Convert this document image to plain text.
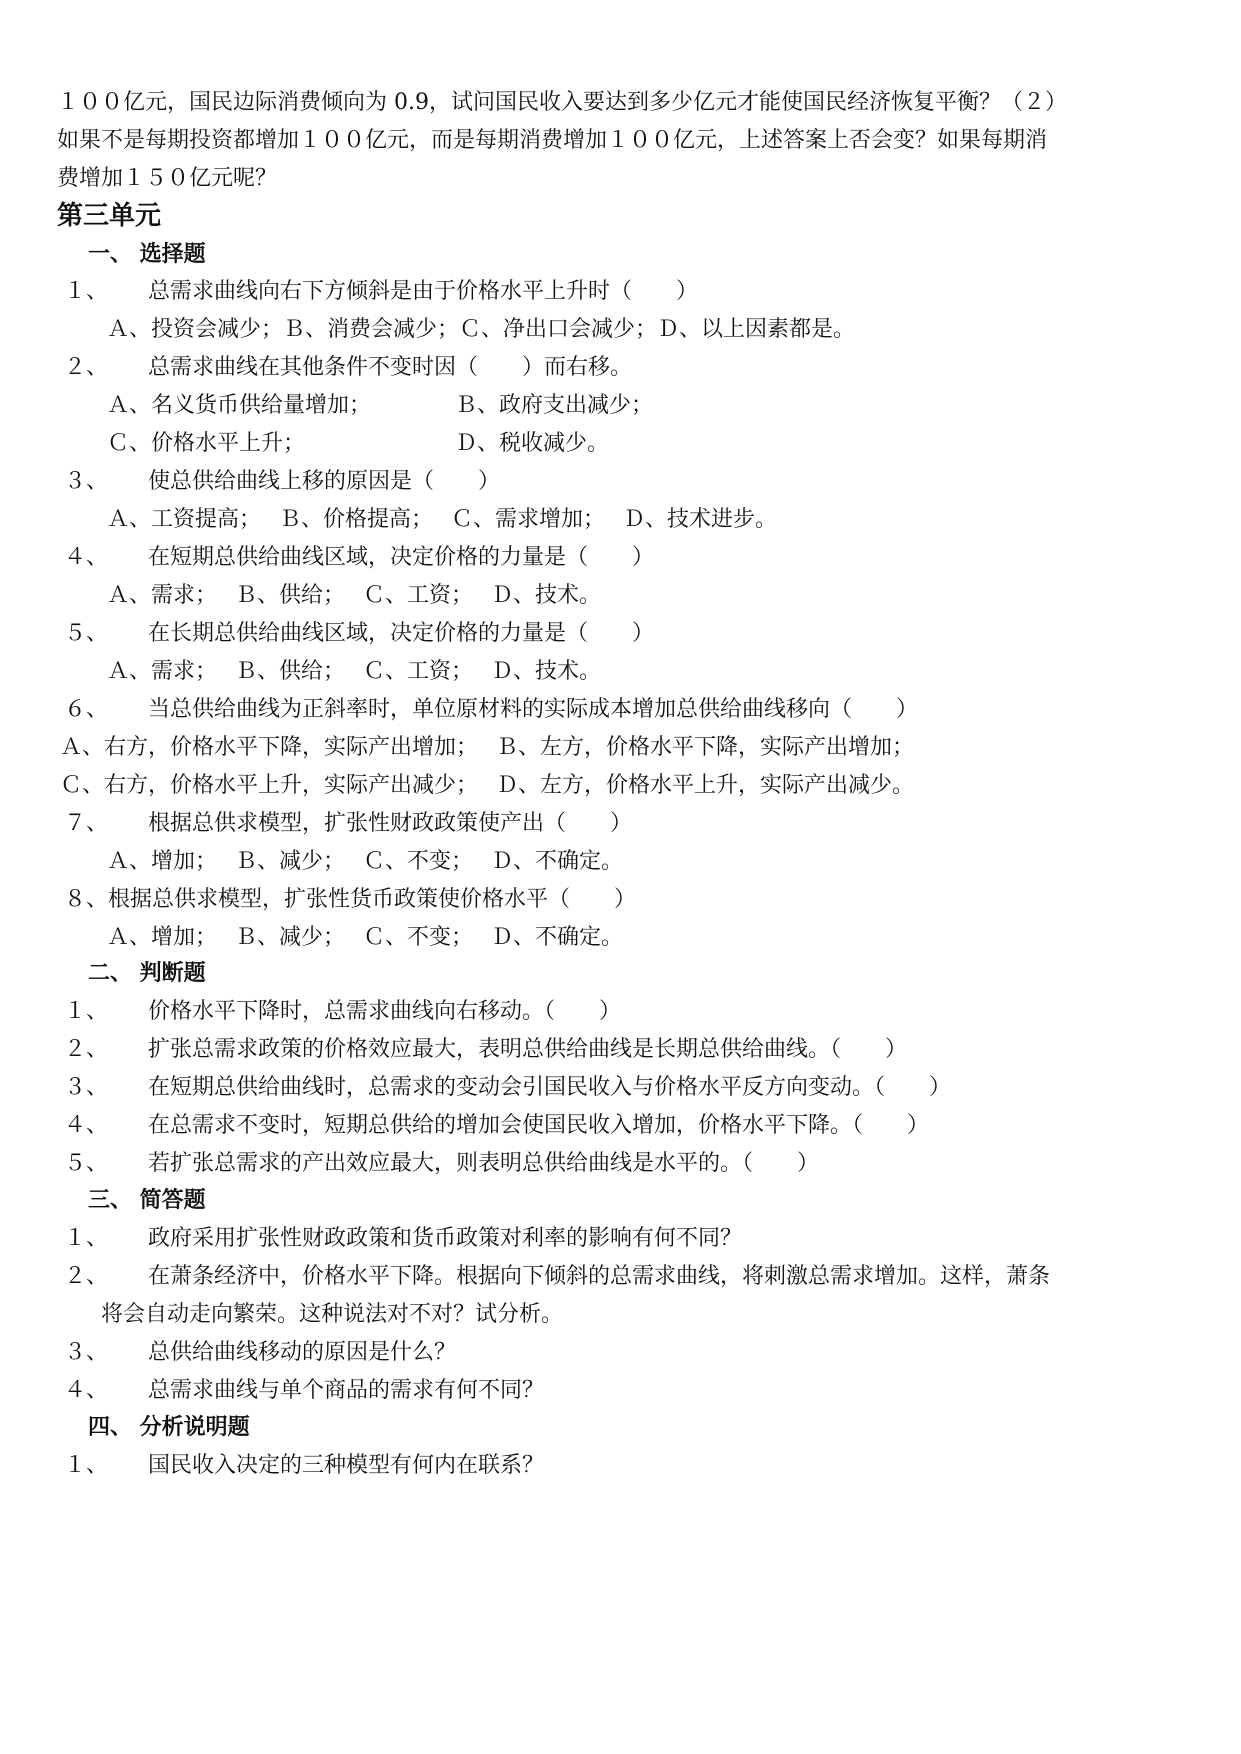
１００亿元，国民边际消费倾向为 0.9，试问国民收入要达到多少亿元才能使国民经济恢复平衡？（２）
如果不是每期投资都增加１００亿元，而是每期消费增加１００亿元，上述答案上否会变？如果每期消
费增加１５０亿元呢？
第三单元
一、 选择题
１、 总需求曲线向右下方倾斜是由于价格水平上升时（　　）
Ａ、投资会减少；Ｂ、消费会减少；Ｃ、净出口会减少；Ｄ、以上因素都是。
２、 总需求曲线在其他条件不变时因（　　）而右移。
Ａ、名义货币供给量增加；	Ｂ、政府支出减少；
Ｃ、价格水平上升；	Ｄ、税收减少。
３、 使总供给曲线上移的原因是（　　）
Ａ、工资提高；　 Ｂ、价格提高；　 Ｃ、需求增加；　 Ｄ、技术进步。
４、 在短期总供给曲线区域，决定价格的力量是（　　）
Ａ、需求；　 Ｂ、供给；　 Ｃ、工资；　 Ｄ、技术。
５、 在长期总供给曲线区域，决定价格的力量是（　　）
Ａ、需求；　 Ｂ、供给；　 Ｃ、工资；　 Ｄ、技术。
６、 当总供给曲线为正斜率时，单位原材料的实际成本增加总供给曲线移向（　　）
Ａ、右方，价格水平下降，实际产出增加；　 Ｂ、左方，价格水平下降，实际产出增加；
Ｃ、右方，价格水平上升，实际产出减少；　 Ｄ、左方，价格水平上升，实际产出减少。
７、 根据总供求模型，扩张性财政政策使产出（　　）
Ａ、增加；　 Ｂ、减少；　 Ｃ、不变；　 Ｄ、不确定。
８、根据总供求模型，扩张性货币政策使价格水平（　　）
Ａ、增加；　 Ｂ、减少；　 Ｃ、不变；　 Ｄ、不确定。
二、 判断题
１、 价格水平下降时，总需求曲线向右移动。（　　）
２、 扩张总需求政策的价格效应最大，表明总供给曲线是长期总供给曲线。（　　）
３、 在短期总供给曲线时，总需求的变动会引国民收入与价格水平反方向变动。（　　）
４、 在总需求不变时，短期总供给的增加会使国民收入增加，价格水平下降。（　　）
５、 若扩张总需求的产出效应最大，则表明总供给曲线是水平的。（　　）
三、 简答题
１、 政府采用扩张性财政政策和货币政策对利率的影响有何不同？
２、 在萧条经济中，价格水平下降。根据向下倾斜的总需求曲线，将刺激总需求增加。这样，萧条
将会自动走向繁荣。这种说法对不对？试分析。
３、 总供给曲线移动的原因是什么？
４、 总需求曲线与单个商品的需求有何不同？
四、 分析说明题
１、 国民收入决定的三种模型有何内在联系？
